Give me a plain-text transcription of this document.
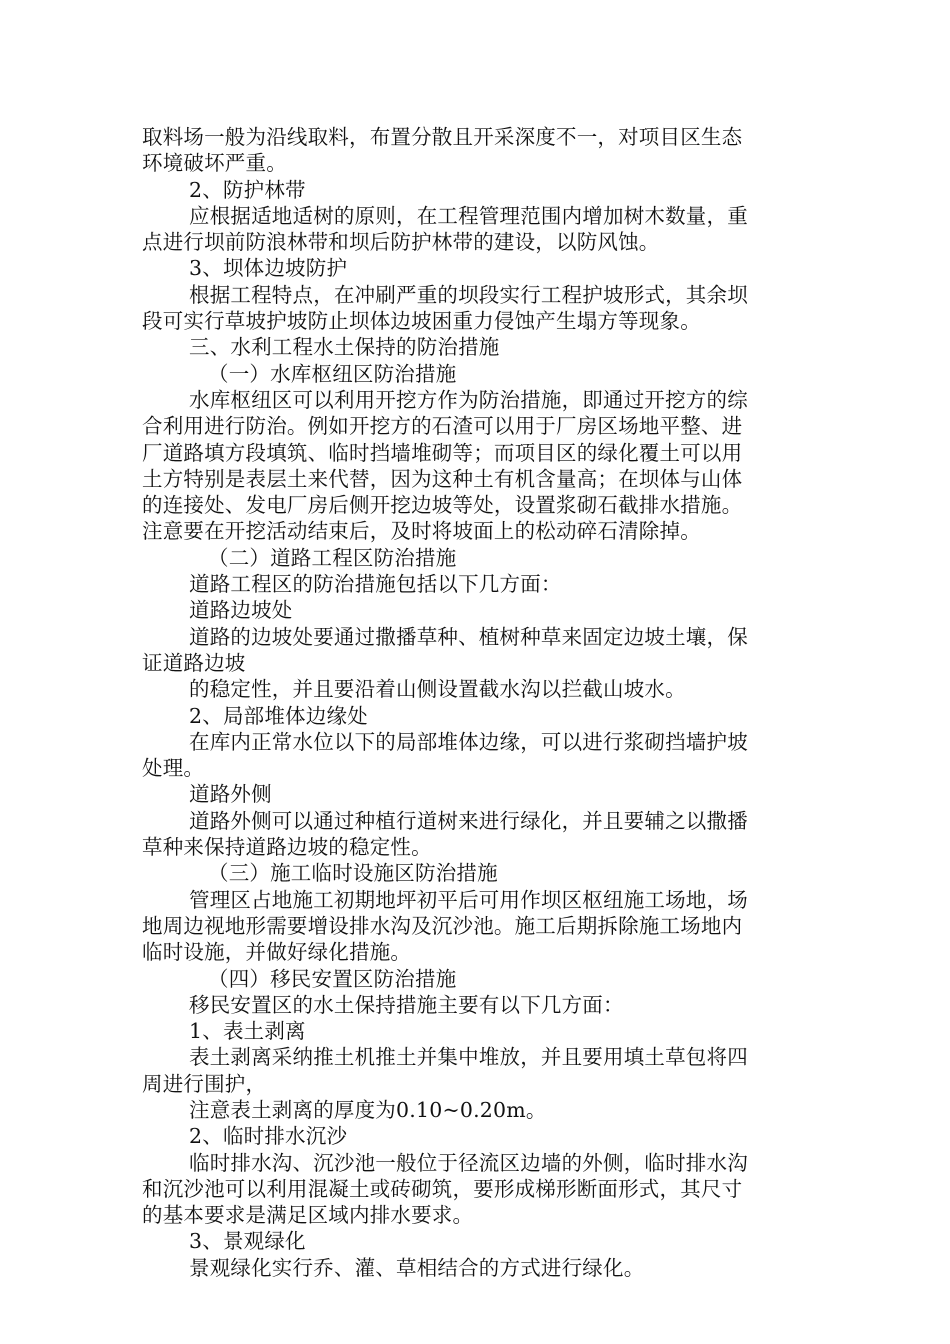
取料场一般为沿线取料，布置分散且开采深度不一，对项目区生态
环境破坏严重。
2、防护林带
应根据适地适树的原则，在工程管理范围内增加树木数量，重
点进行坝前防浪林带和坝后防护林带的建设，以防风蚀。
3、坝体边坡防护
根据工程特点，在冲刷严重的坝段实行工程护坡形式，其余坝
段可实行草坡护坡防止坝体边坡困重力侵蚀产生塌方等现象。
三、水利工程水土保持的防治措施
（一）水库枢纽区防治措施
水库枢纽区可以利用开挖方作为防治措施，即通过开挖方的综
合利用进行防治。例如开挖方的石渣可以用于厂房区场地平整、进
厂道路填方段填筑、临时挡墙堆砌等；而项目区的绿化覆土可以用
土方特别是表层土来代替，因为这种土有机含量高；在坝体与山体
的连接处、发电厂房后侧开挖边坡等处，设置浆砌石截排水措施。
注意要在开挖活动结束后，及时将坡面上的松动碎石清除掉。
（二）道路工程区防治措施
道路工程区的防治措施包括以下几方面：
道路边坡处
道路的边坡处要通过撒播草种、植树种草来固定边坡土壤，保
证道路边坡
的稳定性，并且要沿着山侧设置截水沟以拦截山坡水。
2、局部堆体边缘处
在库内正常水位以下的局部堆体边缘，可以进行浆砌挡墙护坡
处理。
道路外侧
道路外侧可以通过种植行道树来进行绿化，并且要辅之以撒播
草种来保持道路边坡的稳定性。
（三）施工临时设施区防治措施
管理区占地施工初期地坪初平后可用作坝区枢纽施工场地，场
地周边视地形需要增设排水沟及沉沙池。施工后期拆除施工场地内
临时设施，并做好绿化措施。
（四）移民安置区防治措施
移民安置区的水土保持措施主要有以下几方面：
1、表土剥离
表土剥离采纳推土机推土并集中堆放，并且要用填土草包将四
周进行围护，
注意表土剥离的厚度为0.10~0.20m。
2、临时排水沉沙
临时排水沟、沉沙池一般位于径流区边墙的外侧，临时排水沟
和沉沙池可以利用混凝土或砖砌筑，要形成梯形断面形式，其尺寸
的基本要求是满足区域内排水要求。
3、景观绿化
景观绿化实行乔、灌、草相结合的方式进行绿化。
